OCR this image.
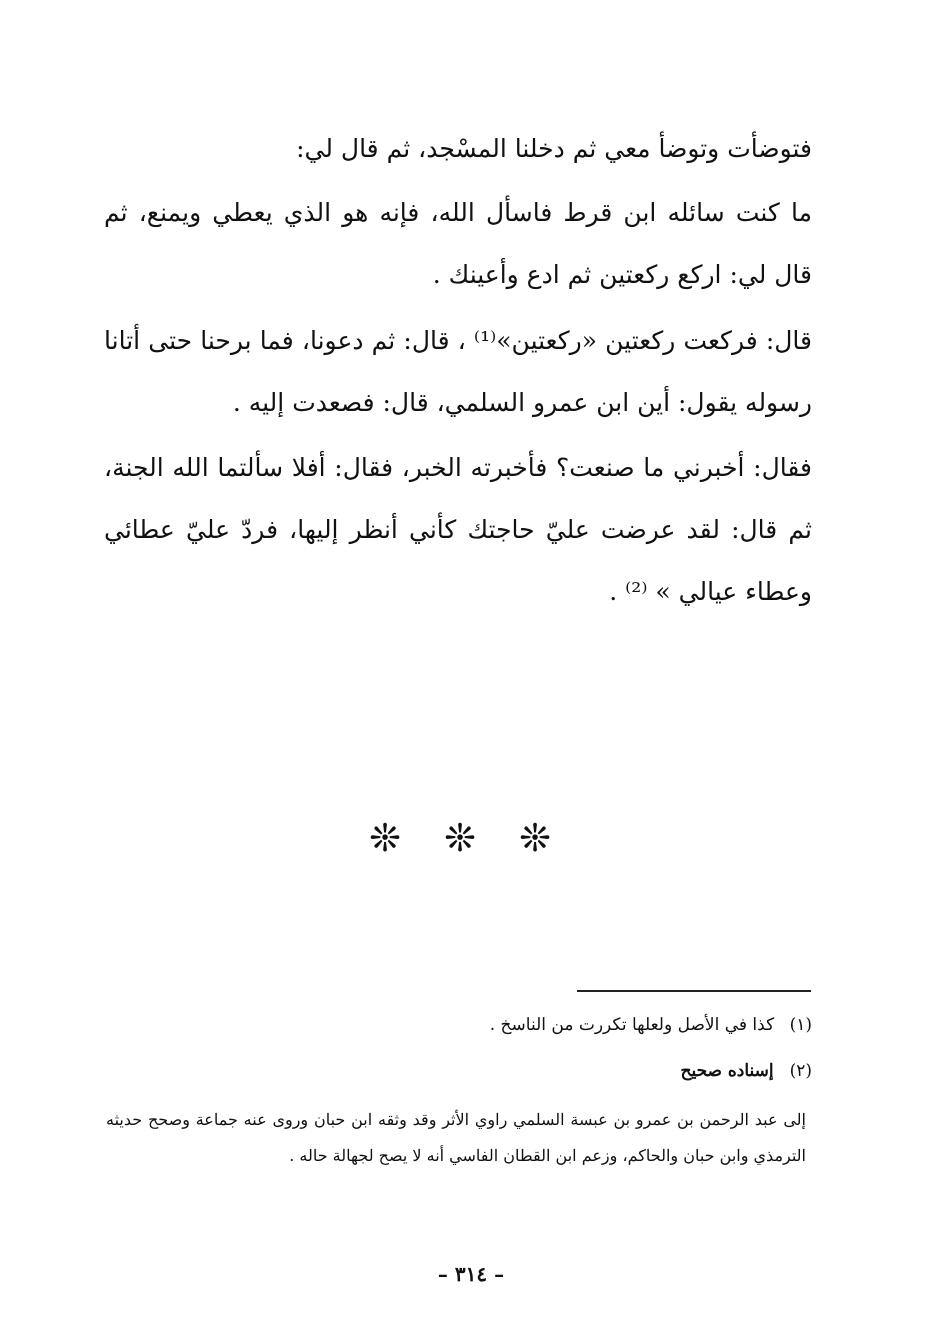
فتوضأت وتوضأ معي ثم دخلنا المسْجد، ثم قال لي:

ما كنت سائله ابن قرط فاسأل الله، فإنه هو الذي يعطي ويمنع، ثم قال لي: اركع ركعتين ثم ادع وأعينك .

قال: فركعت ركعتين «ركعتين»⁽¹⁾ ، قال: ثم دعونا، فما برحنا حتى أتانا رسوله يقول: أين ابن عمرو السلمي، قال: فصعدت إليه .

فقال: أخبرني ما صنعت؟ فأخبرته الخبر، فقال: أفلا سألتما الله الجنة، ثم قال: لقد عرضت عليّ حاجتك كأني أنظر إليها، فردّ عليّ عطائي وعطاء عيالي » ⁽²⁾ .

❊ ❊ ❊

(١) كذا في الأصل ولعلها تكررت من الناسخ .

(٢) إسناده صحيح

إلى عبد الرحمن بن عمرو بن عبسة السلمي راوي الأثر وقد وثقه ابن حبان وروى عنه جماعة وصحح حديثه الترمذي وابن حبان والحاكم، وزعم ابن القطان الفاسي أنه لا يصح لجهالة حاله .

– ٣١٤ –
